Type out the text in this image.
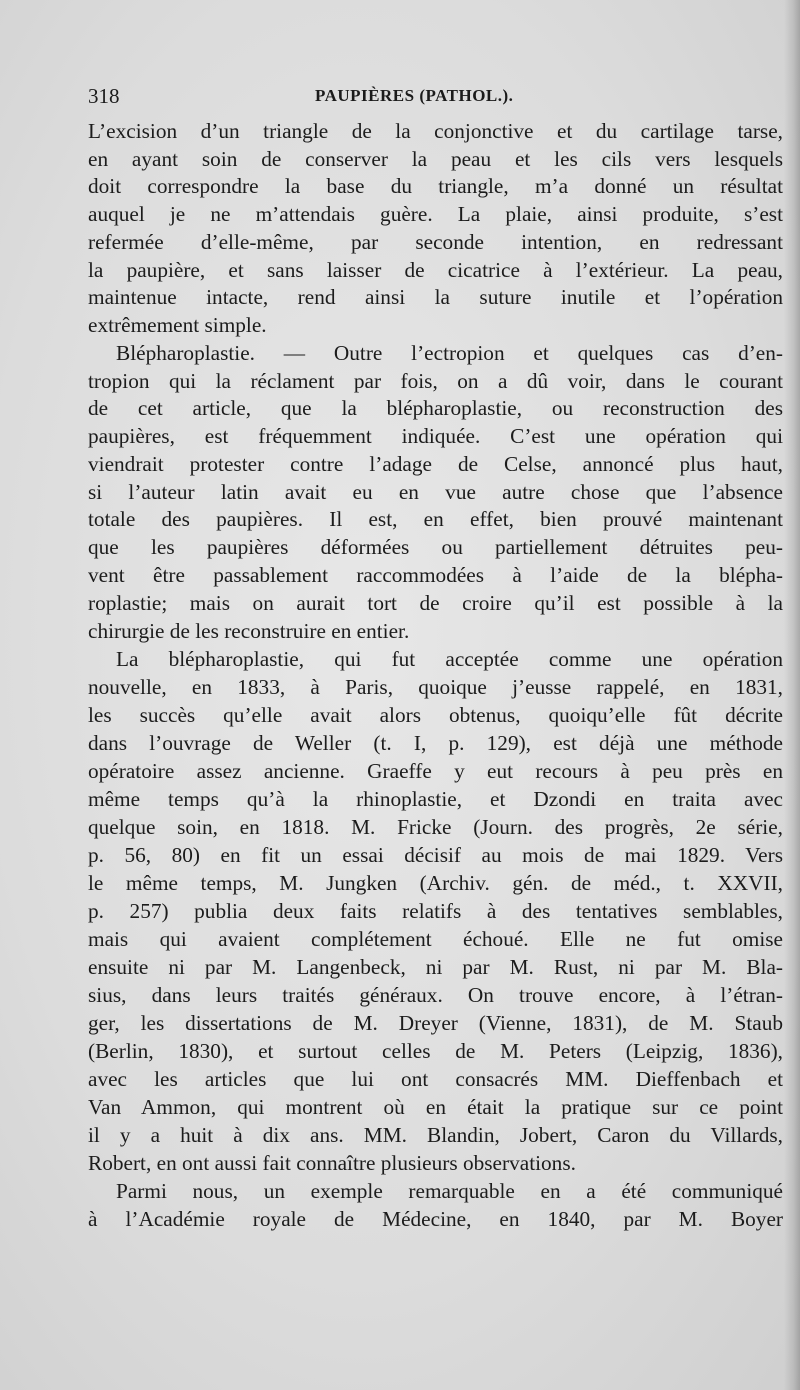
318	PAUPIÈRES (PATHOL.).
L’excision d’un triangle de la conjonctive et du cartilage tarse,
en ayant soin de conserver la peau et les cils vers lesquels
doit correspondre la base du triangle, m’a donné un résultat
auquel je ne m’attendais guère. La plaie, ainsi produite, s’est
refermée d’elle-même, par seconde intention, en redressant
la paupière, et sans laisser de cicatrice à l’extérieur. La peau,
maintenue intacte, rend ainsi la suture inutile et l’opération
extrêmement simple.
Blépharoplastie. — Outre l’ectropion et quelques cas d’en-
tropion qui la réclament par fois, on a dû voir, dans le courant
de cet article, que la blépharoplastie, ou reconstruction des
paupières, est fréquemment indiquée. C’est une opération qui
viendrait protester contre l’adage de Celse, annoncé plus haut,
si l’auteur latin avait eu en vue autre chose que l’absence
totale des paupières. Il est, en effet, bien prouvé maintenant
que les paupières déformées ou partiellement détruites peu-
vent être passablement raccommodées à l’aide de la blépha-
roplastie; mais on aurait tort de croire qu’il est possible à la
chirurgie de les reconstruire en entier.
La blépharoplastie, qui fut acceptée comme une opération
nouvelle, en 1833, à Paris, quoique j’eusse rappelé, en 1831,
les succès qu’elle avait alors obtenus, quoiqu’elle fût décrite
dans l’ouvrage de Weller (t. I, p. 129), est déjà une méthode
opératoire assez ancienne. Graeffe y eut recours à peu près en
même temps qu’à la rhinoplastie, et Dzondi en traita avec
quelque soin, en 1818. M. Fricke (Journ. des progrès, 2e série,
p. 56, 80) en fit un essai décisif au mois de mai 1829. Vers
le même temps, M. Jungken (Archiv. gén. de méd., t. XXVII,
p. 257) publia deux faits relatifs à des tentatives semblables,
mais qui avaient complétement échoué. Elle ne fut omise
ensuite ni par M. Langenbeck, ni par M. Rust, ni par M. Bla-
sius, dans leurs traités généraux. On trouve encore, à l’étran-
ger, les dissertations de M. Dreyer (Vienne, 1831), de M. Staub
(Berlin, 1830), et surtout celles de M. Peters (Leipzig, 1836),
avec les articles que lui ont consacrés MM. Dieffenbach et
Van Ammon, qui montrent où en était la pratique sur ce point
il y a huit à dix ans. MM. Blandin, Jobert, Caron du Villards,
Robert, en ont aussi fait connaître plusieurs observations.
Parmi nous, un exemple remarquable en a été communiqué
à l’Académie royale de Médecine, en 1840, par M. Boyer
